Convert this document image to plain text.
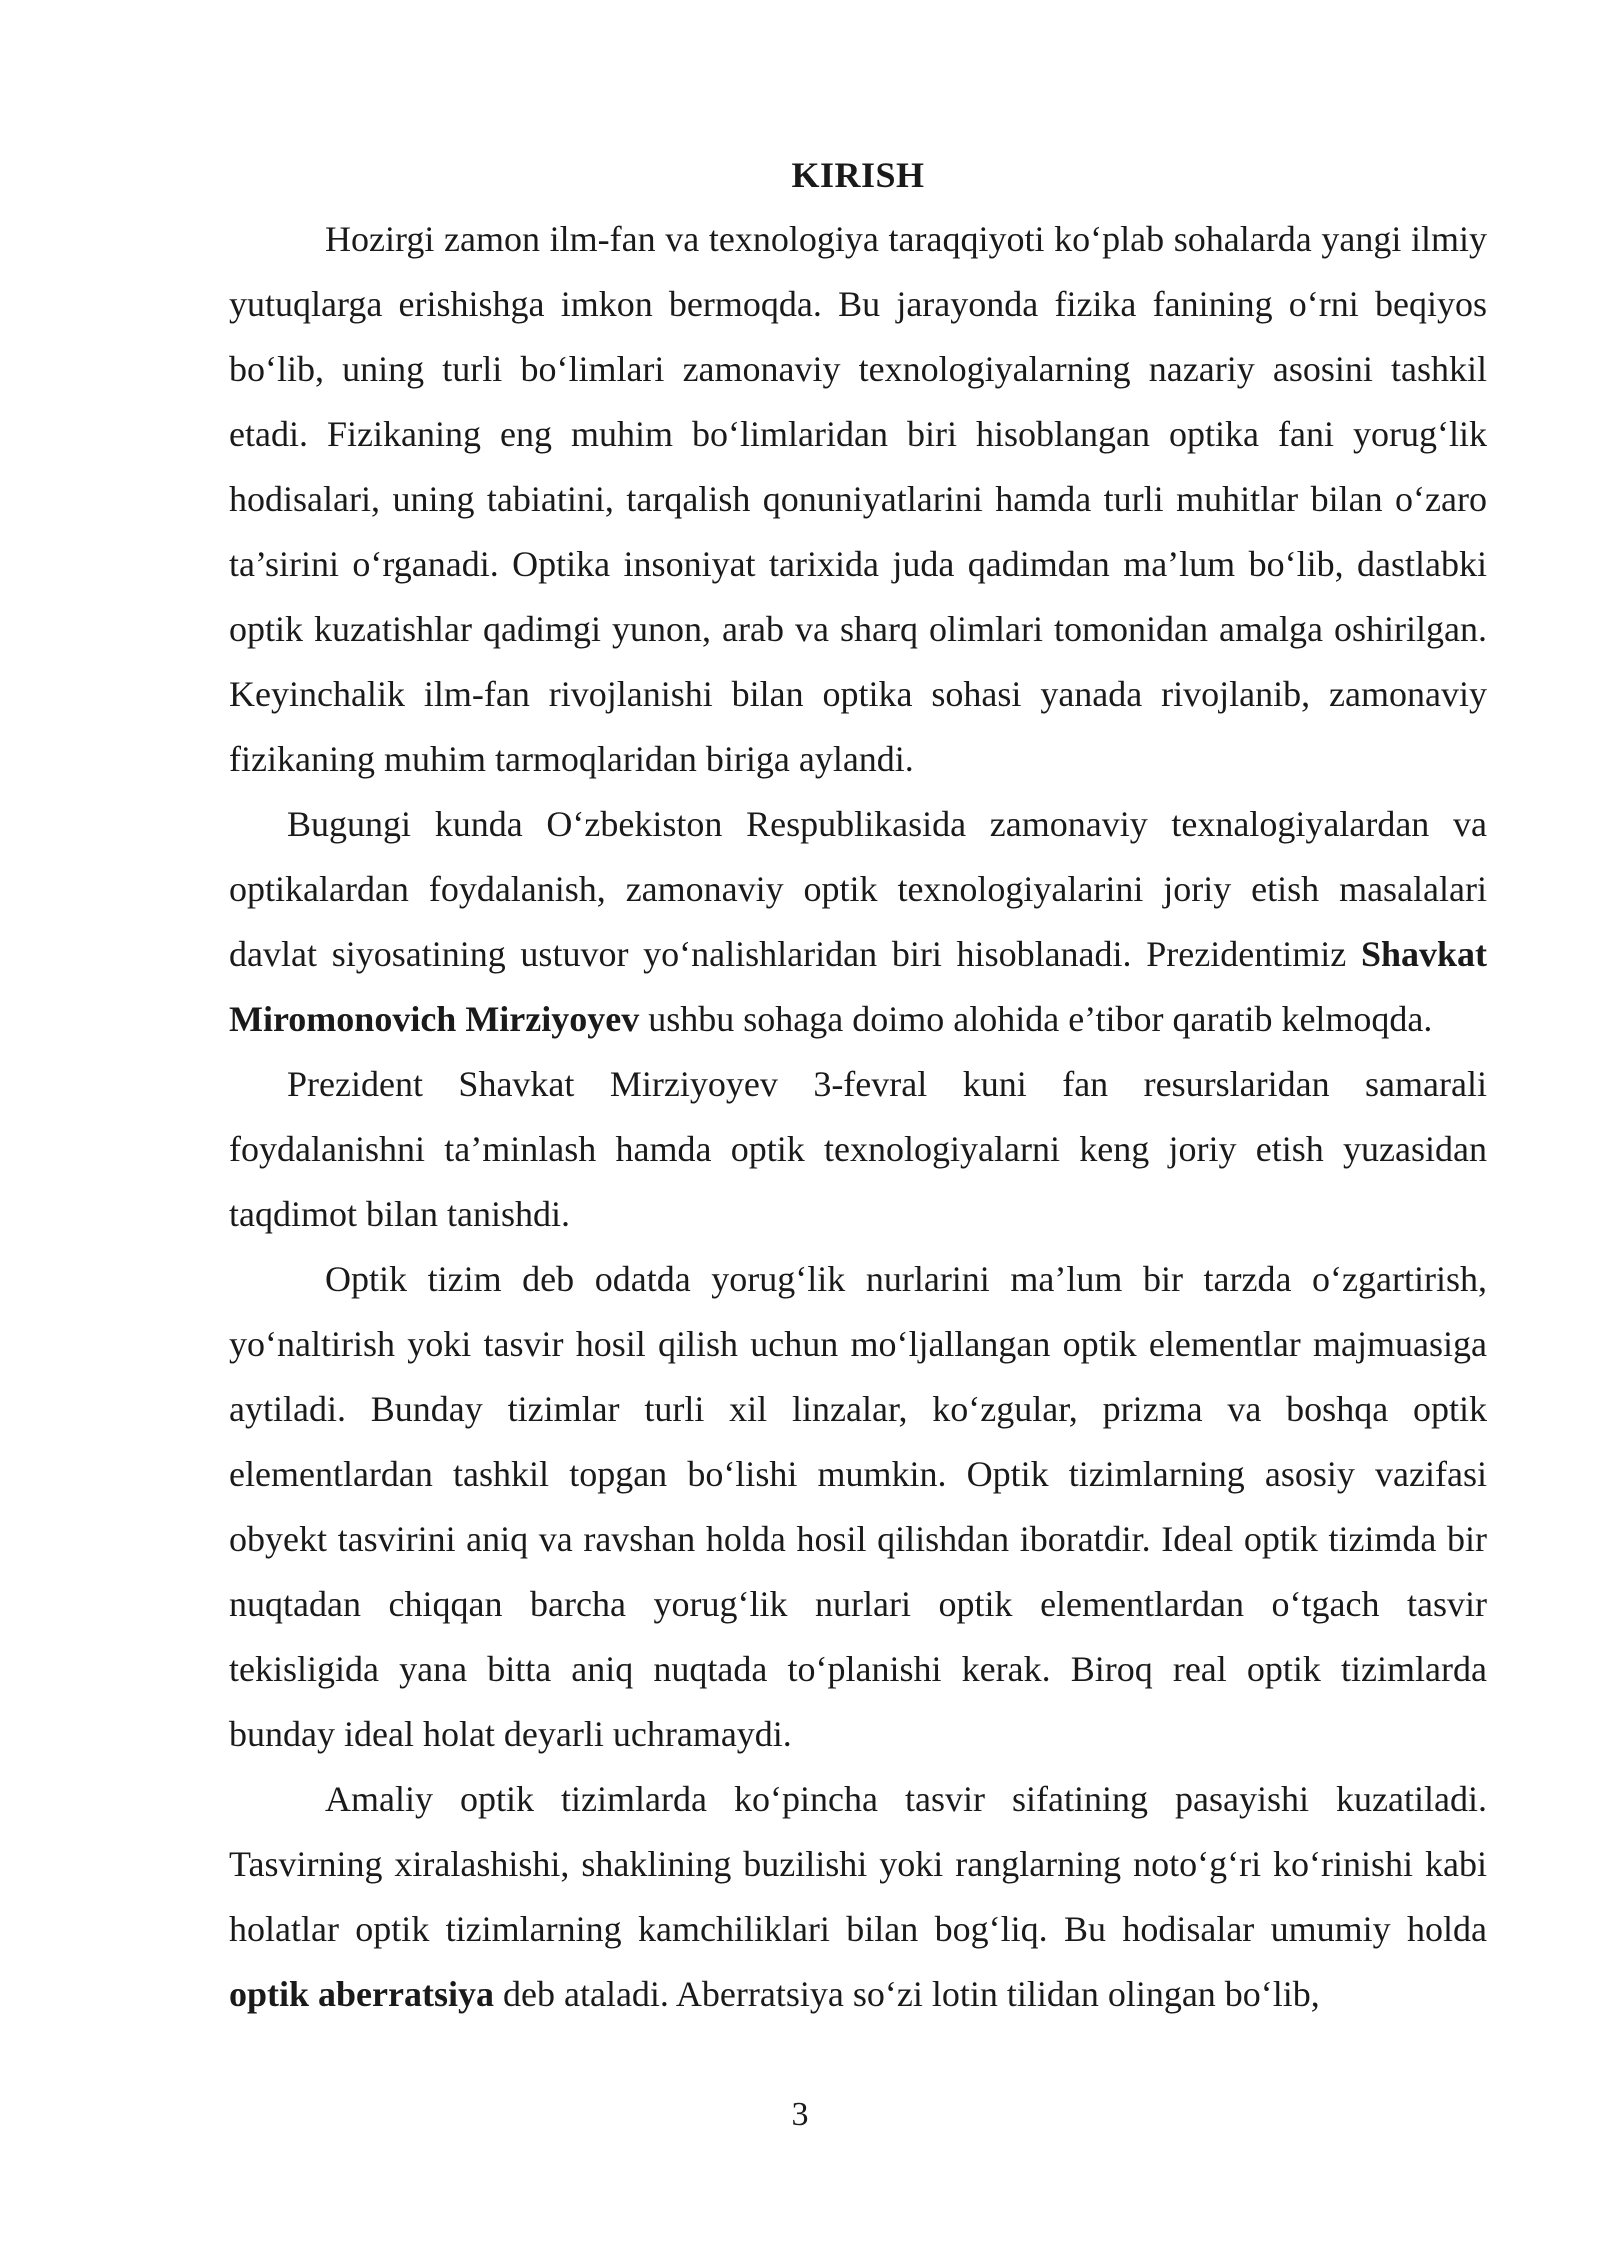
KIRISH

Hozirgi zamon ilm-fan va texnologiya taraqqiyoti ko‘plab sohalarda yangi ilmiy yutuqlarga erishishga imkon bermoqda. Bu jarayonda fizika fanining o‘rni beqiyos bo‘lib, uning turli bo‘limlari zamonaviy texnologiyalarning nazariy asosini tashkil etadi. Fizikaning eng muhim bo‘limlaridan biri hisoblangan optika fani yorug‘lik hodisalari, uning tabiatini, tarqalish qonuniyatlarini hamda turli muhitlar bilan o‘zaro ta’sirini o‘rganadi. Optika insoniyat tarixida juda qadimdan ma’lum bo‘lib, dastlabki optik kuzatishlar qadimgi yunon, arab va sharq olimlari tomonidan amalga oshirilgan. Keyinchalik ilm-fan rivojlanishi bilan optika sohasi yanada rivojlanib, zamonaviy fizikaning muhim tarmoqlaridan biriga aylandi.

Bugungi kunda O‘zbekiston Respublikasida zamonaviy texnalogiyalardan va optikalardan foydalanish, zamonaviy optik texnologiyalarini joriy etish masalalari davlat siyosatining ustuvor yo‘nalishlaridan biri hisoblanadi. Prezidentimiz Shavkat Miromonovich Mirziyoyev ushbu sohaga doimo alohida e’tibor qaratib kelmoqda.

Prezident Shavkat Mirziyoyev 3-fevral kuni fan resurslaridan samarali foydalanishni ta’minlash hamda optik texnologiyalarni keng joriy etish yuzasidan taqdimot bilan tanishdi.

Optik tizim deb odatda yorug‘lik nurlarini ma’lum bir tarzda o‘zgartirish, yo‘naltirish yoki tasvir hosil qilish uchun mo‘ljallangan optik elementlar majmuasiga aytiladi. Bunday tizimlar turli xil linzalar, ko‘zgular, prizma va boshqa optik elementlardan tashkil topgan bo‘lishi mumkin. Optik tizimlarning asosiy vazifasi obyekt tasvirini aniq va ravshan holda hosil qilishdan iboratdir. Ideal optik tizimda bir nuqtadan chiqqan barcha yorug‘lik nurlari optik elementlardan o‘tgach tasvir tekisligida yana bitta aniq nuqtada to‘planishi kerak. Biroq real optik tizimlarda bunday ideal holat deyarli uchramaydi.

Amaliy optik tizimlarda ko‘pincha tasvir sifatining pasayishi kuzatiladi. Tasvirning xiralashishi, shaklining buzilishi yoki ranglarning noto‘g‘ri ko‘rinishi kabi holatlar optik tizimlarning kamchiliklari bilan bog‘liq. Bu hodisalar umumiy holda optik aberratsiya deb ataladi. Aberratsiya so‘zi lotin tilidan olingan bo‘lib,

3
